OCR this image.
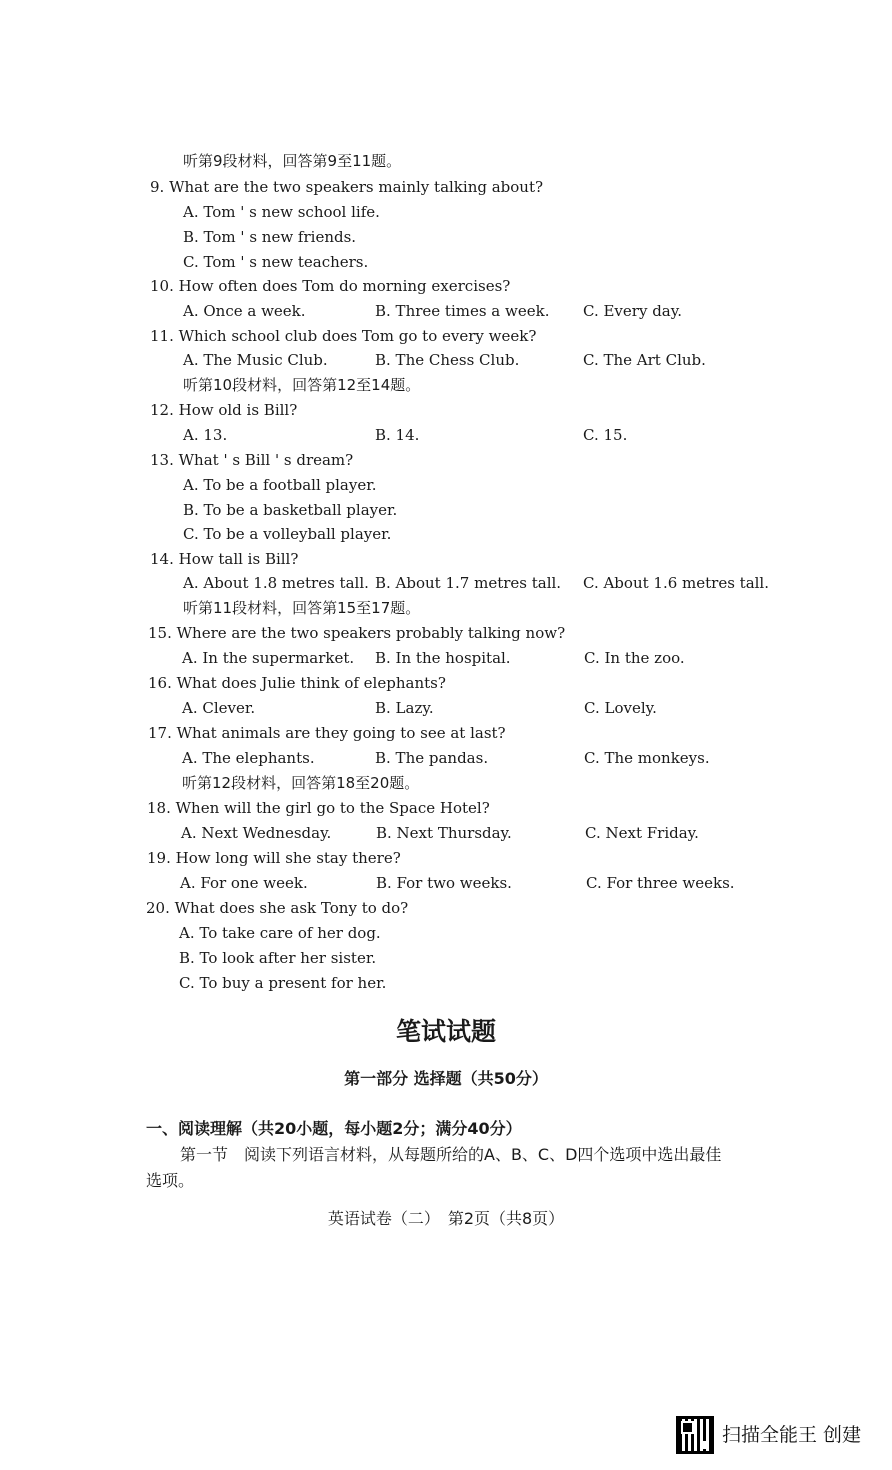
听第9段材料，回答第9至11题。
9. What are the two speakers mainly talking about?
A. Tom ' s new school life.
B. Tom ' s new friends.
C. Tom ' s new teachers.
10. How often does Tom do morning exercises?
A. Once a week.	B. Three times a week. C. Every day.
11. Which school club does Tom go to every week?
A. The Music Club.	B. The Chess Club.	C. The Art Club.
听第10段材料，回答第12至14题。
12. How old is Bill?
A. 13.	B. 14.	C. 15.
13. What ' s Bill ' s dream?
A. To be a football player.
B. To be a basketball player.
C. To be a volleyball player.
14. How tall is Bill?
A. About 1.8 metres tall. B. About 1.7 metres tall. C. About 1.6 metres tall.
听第11段材料，回答第15至17题。
15. Where are the two speakers probably talking now?
A. In the supermarket. B. In the hospital.	C. In the zoo.
16. What does Julie think of elephants?
A. Clever.	B. Lazy.	C. Lovely.
17. What animals are they going to see at last?
A. The elephants.	B. The pandas.	C. The monkeys.
听第12段材料，回答第18至20题。
18. When will the girl go to the Space Hotel?
A. Next Wednesday.	B. Next Thursday.	C. Next Friday.
19. How long will she stay there?
A. For one week.	B. For two weeks.	C. For three weeks.
20. What does she ask Tony to do?
A. To take care of her dog.
B. To look after her sister.
C. To buy a present for her.
笔试试题
第一部分 选择题（共50分）
一、阅读理解（共20小题，每小题2分；满分40分）
第一节　阅读下列语言材料，从每题所给的A、B、C、D四个选项中选出最佳
选项。
英语试卷（二）　第2页（共8页）
扫描全能王 创建
